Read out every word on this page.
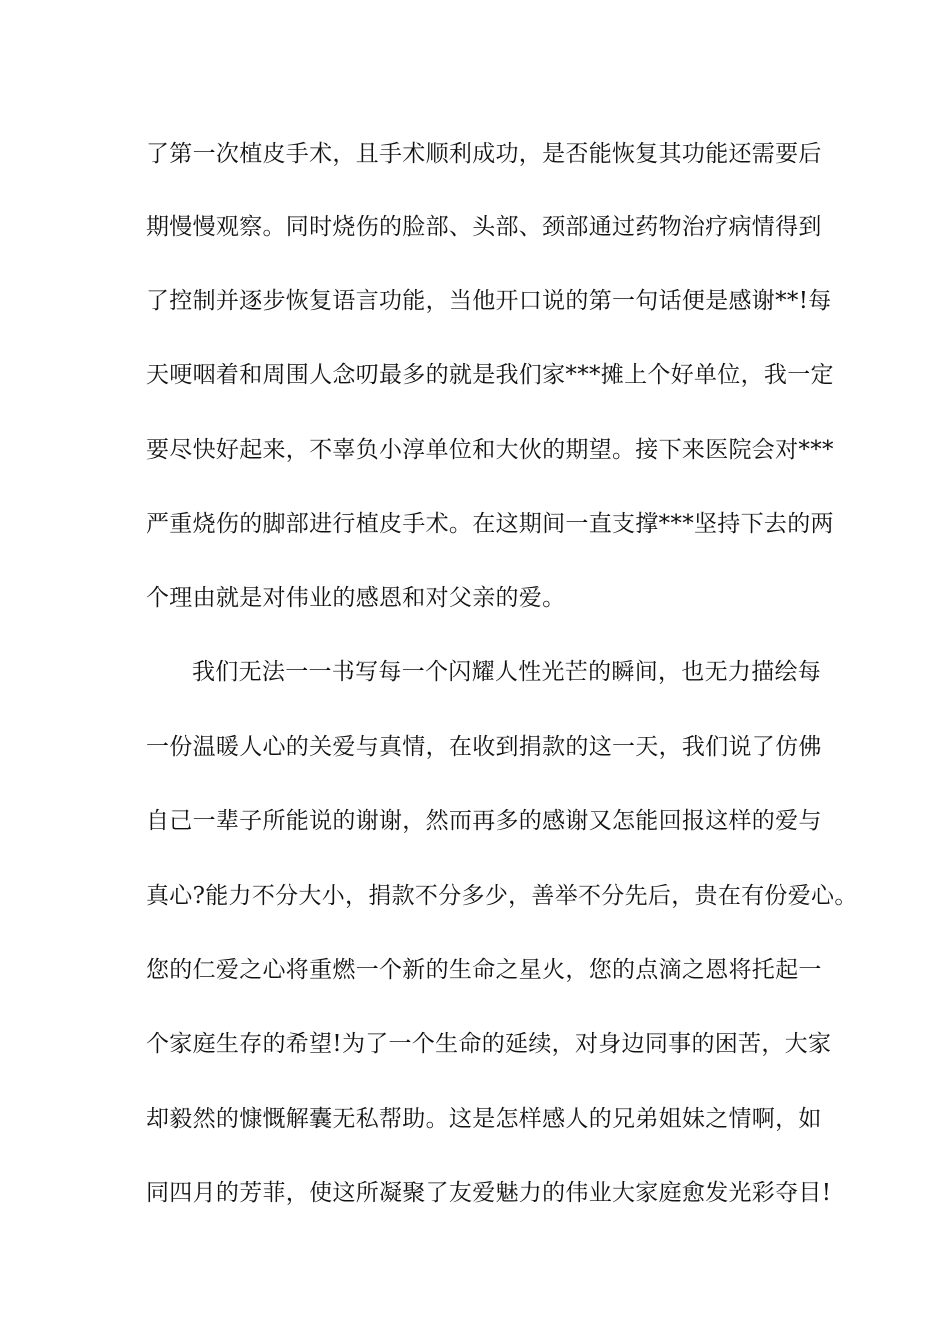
了第一次植皮手术，且手术顺利成功，是否能恢复其功能还需要后
期慢慢观察。同时烧伤的脸部、头部、颈部通过药物治疗病情得到
了控制并逐步恢复语言功能，当他开口说的第一句话便是感谢**!每
天哽咽着和周围人念叨最多的就是我们家***摊上个好单位，我一定
要尽快好起来，不辜负小淳单位和大伙的期望。接下来医院会对***
严重烧伤的脚部进行植皮手术。在这期间一直支撑***坚持下去的两
个理由就是对伟业的感恩和对父亲的爱。
我们无法一一书写每一个闪耀人性光芒的瞬间，也无力描绘每
一份温暖人心的关爱与真情，在收到捐款的这一天，我们说了仿佛
自己一辈子所能说的谢谢，然而再多的感谢又怎能回报这样的爱与
真心?能力不分大小，捐款不分多少，善举不分先后，贵在有份爱心。
您的仁爱之心将重燃一个新的生命之星火，您的点滴之恩将托起一
个家庭生存的希望!为了一个生命的延续，对身边同事的困苦，大家
却毅然的慷慨解囊无私帮助。这是怎样感人的兄弟姐妹之情啊，如
同四月的芳菲，使这所凝聚了友爱魅力的伟业大家庭愈发光彩夺目!
